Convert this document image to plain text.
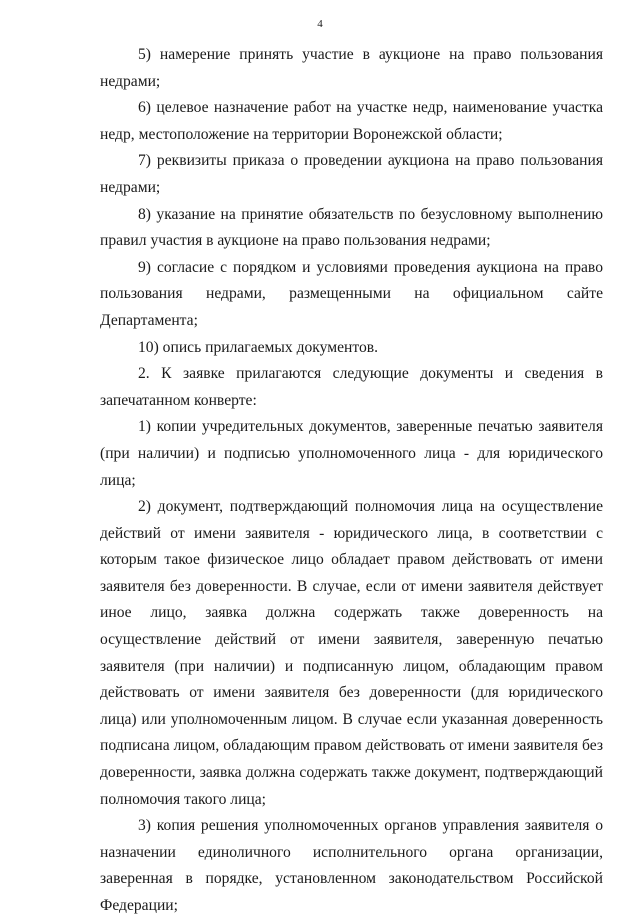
4

5) намерение принять участие в аукционе на право пользования недрами;

6) целевое назначение работ на участке недр, наименование участка недр, местоположение на территории Воронежской области;

7) реквизиты приказа о проведении аукциона на право пользования недрами;

8) указание на принятие обязательств по безусловному выполнению правил участия в аукционе на право пользования недрами;

9) согласие с порядком и условиями проведения аукциона на право пользования недрами, размещенными на официальном сайте Департамента;

10) опись прилагаемых документов.

2. К заявке прилагаются следующие документы и сведения в запечатанном конверте:

1) копии учредительных документов, заверенные печатью заявителя (при наличии) и подписью уполномоченного лица - для юридического лица;

2) документ, подтверждающий полномочия лица на осуществление действий от имени заявителя - юридического лица, в соответствии с которым такое физическое лицо обладает правом действовать от имени заявителя без доверенности. В случае, если от имени заявителя действует иное лицо, заявка должна содержать также доверенность на осуществление действий от имени заявителя, заверенную печатью заявителя (при наличии) и подписанную лицом, обладающим правом действовать от имени заявителя без доверенности (для юридического лица) или уполномоченным лицом. В случае если указанная доверенность подписана лицом, обладающим правом действовать от имени заявителя без доверенности, заявка должна содержать также документ, подтверждающий полномочия такого лица;

3) копия решения уполномоченных органов управления заявителя о назначении единоличного исполнительного органа организации, заверенная в порядке, установленном законодательством Российской Федерации;
